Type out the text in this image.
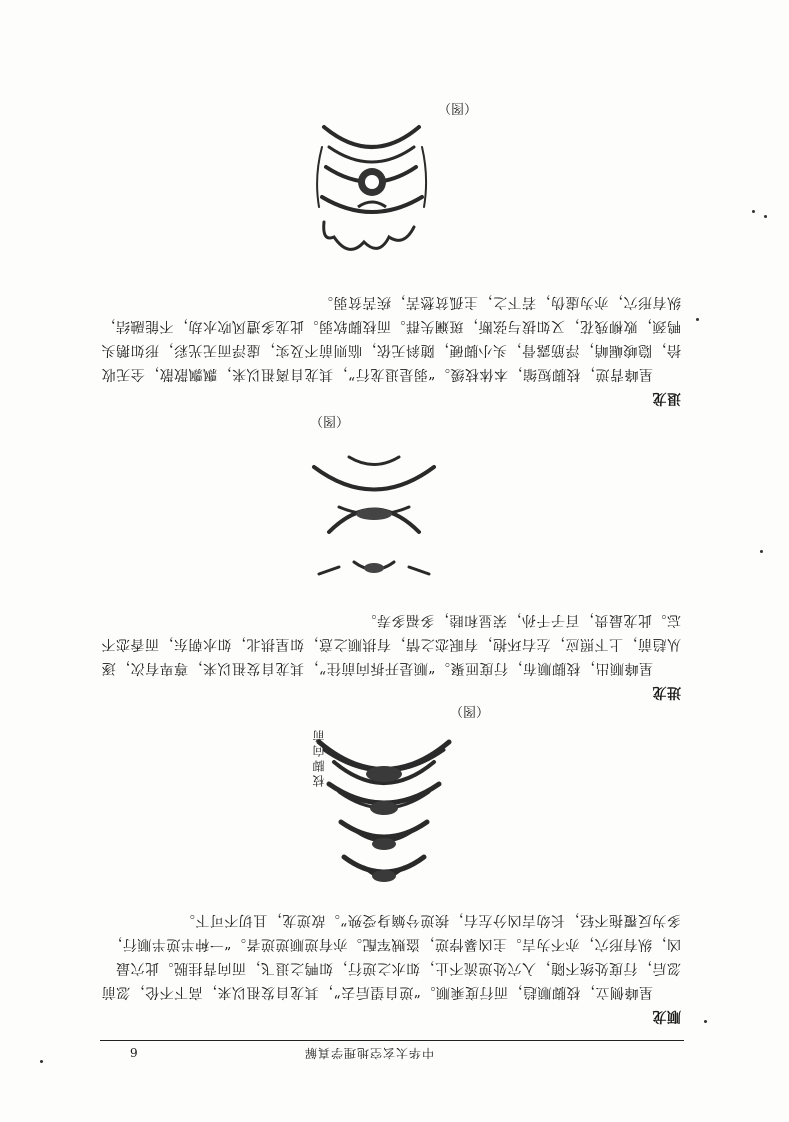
中华太玄空地理学真解
6
顺龙
星峰侧立，枝脚顺趋，而行度乘顺。“逆自望后去”，其龙自发祖以来，高下不伦，忽前忽后，行度处统不随，入穴处逆流不止，如水之逆行，如鸭之退飞，而向背挂脱。此穴最凶，纵有形穴，亦不为吉。主凶暴悖逆，盗贼军配。亦有逆顺逆逆者。“一种半逆半顺行，多为反覆拖不轻，长幼吉凶分左右，挨逆兮嫡身受殃”。故逆龙，且切不可下。
枝脚向前
（图）
进龙
星峰顺出，枝脚顺布，行度匝聚。“顺是开拆向前往”，其龙自发祖以来，尊卑有次，逐从趋前，上下照应，左右环抱，有眠恋之情，有拱顺之意，如星拱北，如水朝东，而香恋不忘。此龙最贵，百子千孙，荣显和睦，多福多寿。
（图）
退龙
星峰背逆，枝脚短缩，本体枝缓。“弱是退龙行”，其龙自离祖以来，飘飘散散，全无收拾，隐峻崛峭，浮筋露骨，头小脚硬，随斜无依，临则前不及实，虚浮而无光彩，形如鹅头鸭颈，败柳残花，又如拔与弦断，斑斓失群。而枝脚软弱。此龙多遭风吹水劫，不能融结，纵有形穴，亦为虚伪，若下之，主孤贫愁苦，疾苦贫弱。
（图）
